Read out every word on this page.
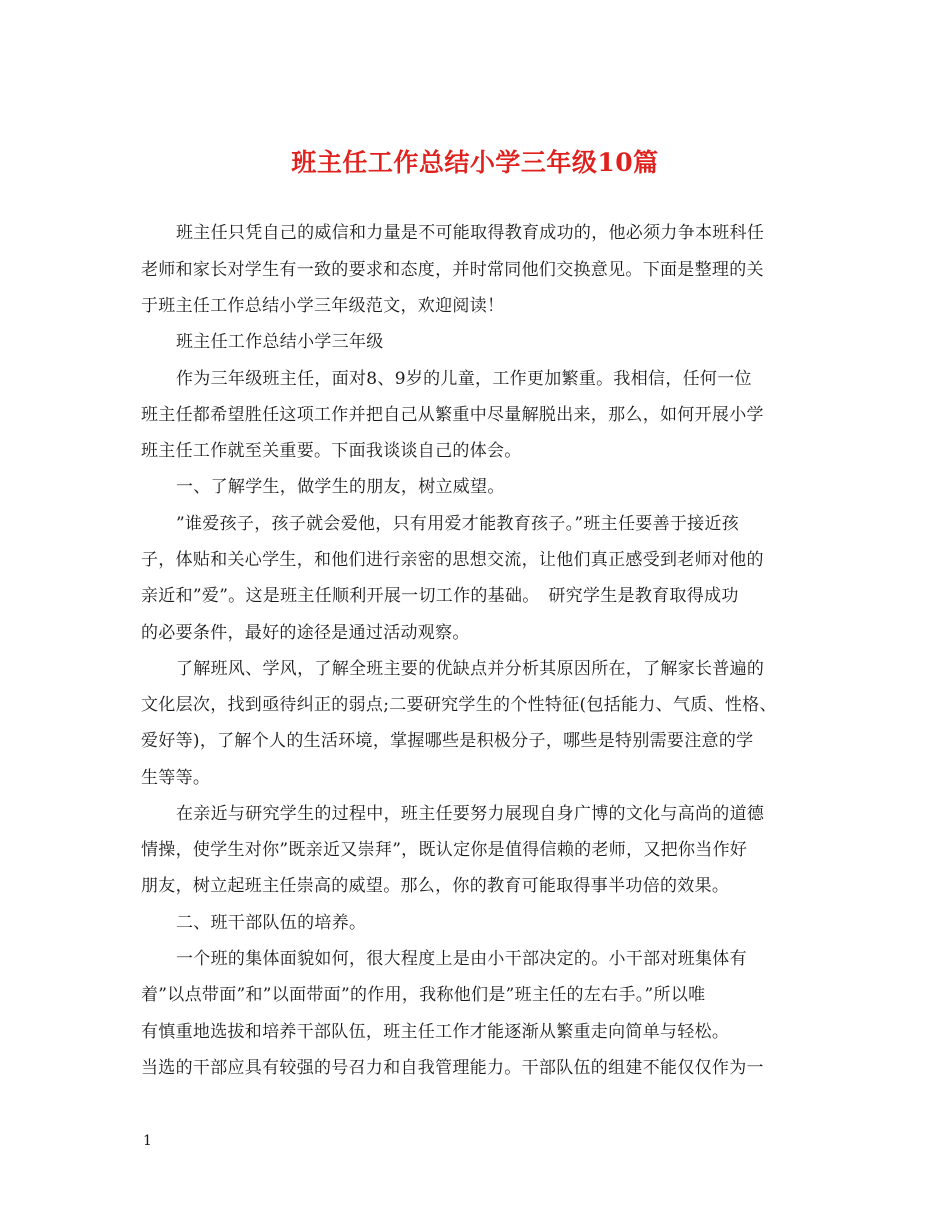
班主任工作总结小学三年级10篇
班主任只凭自己的威信和力量是不可能取得教育成功的，他必须力争本班科任
老师和家长对学生有一致的要求和态度，并时常同他们交换意见。下面是整理的关
于班主任工作总结小学三年级范文，欢迎阅读！
班主任工作总结小学三年级
作为三年级班主任，面对8、9岁的儿童，工作更加繁重。我相信，任何一位
班主任都希望胜任这项工作并把自己从繁重中尽量解脱出来，那么，如何开展小学
班主任工作就至关重要。下面我谈谈自己的体会。
一、了解学生，做学生的朋友，树立威望。
”谁爱孩子，孩子就会爱他，只有用爱才能教育孩子。”班主任要善于接近孩
子，体贴和关心学生，和他们进行亲密的思想交流，让他们真正感受到老师对他的
亲近和”爱”。这是班主任顺利开展一切工作的基础。　研究学生是教育取得成功
的必要条件，最好的途径是通过活动观察。
了解班风、学风，了解全班主要的优缺点并分析其原因所在，了解家长普遍的
文化层次，找到亟待纠正的弱点;二要研究学生的个性特征(包括能力、气质、性格、
爱好等)，了解个人的生活环境，掌握哪些是积极分子，哪些是特别需要注意的学
生等等。
在亲近与研究学生的过程中，班主任要努力展现自身广博的文化与高尚的道德
情操，使学生对你”既亲近又崇拜”，既认定你是值得信赖的老师，又把你当作好
朋友，树立起班主任崇高的威望。那么，你的教育可能取得事半功倍的效果。
二、班干部队伍的培养。
一个班的集体面貌如何，很大程度上是由小干部决定的。小干部对班集体有
着”以点带面”和”以面带面”的作用，我称他们是”班主任的左右手。”所以唯
有慎重地选拔和培养干部队伍，班主任工作才能逐渐从繁重走向简单与轻松。
当选的干部应具有较强的号召力和自我管理能力。干部队伍的组建不能仅仅作为一
1
